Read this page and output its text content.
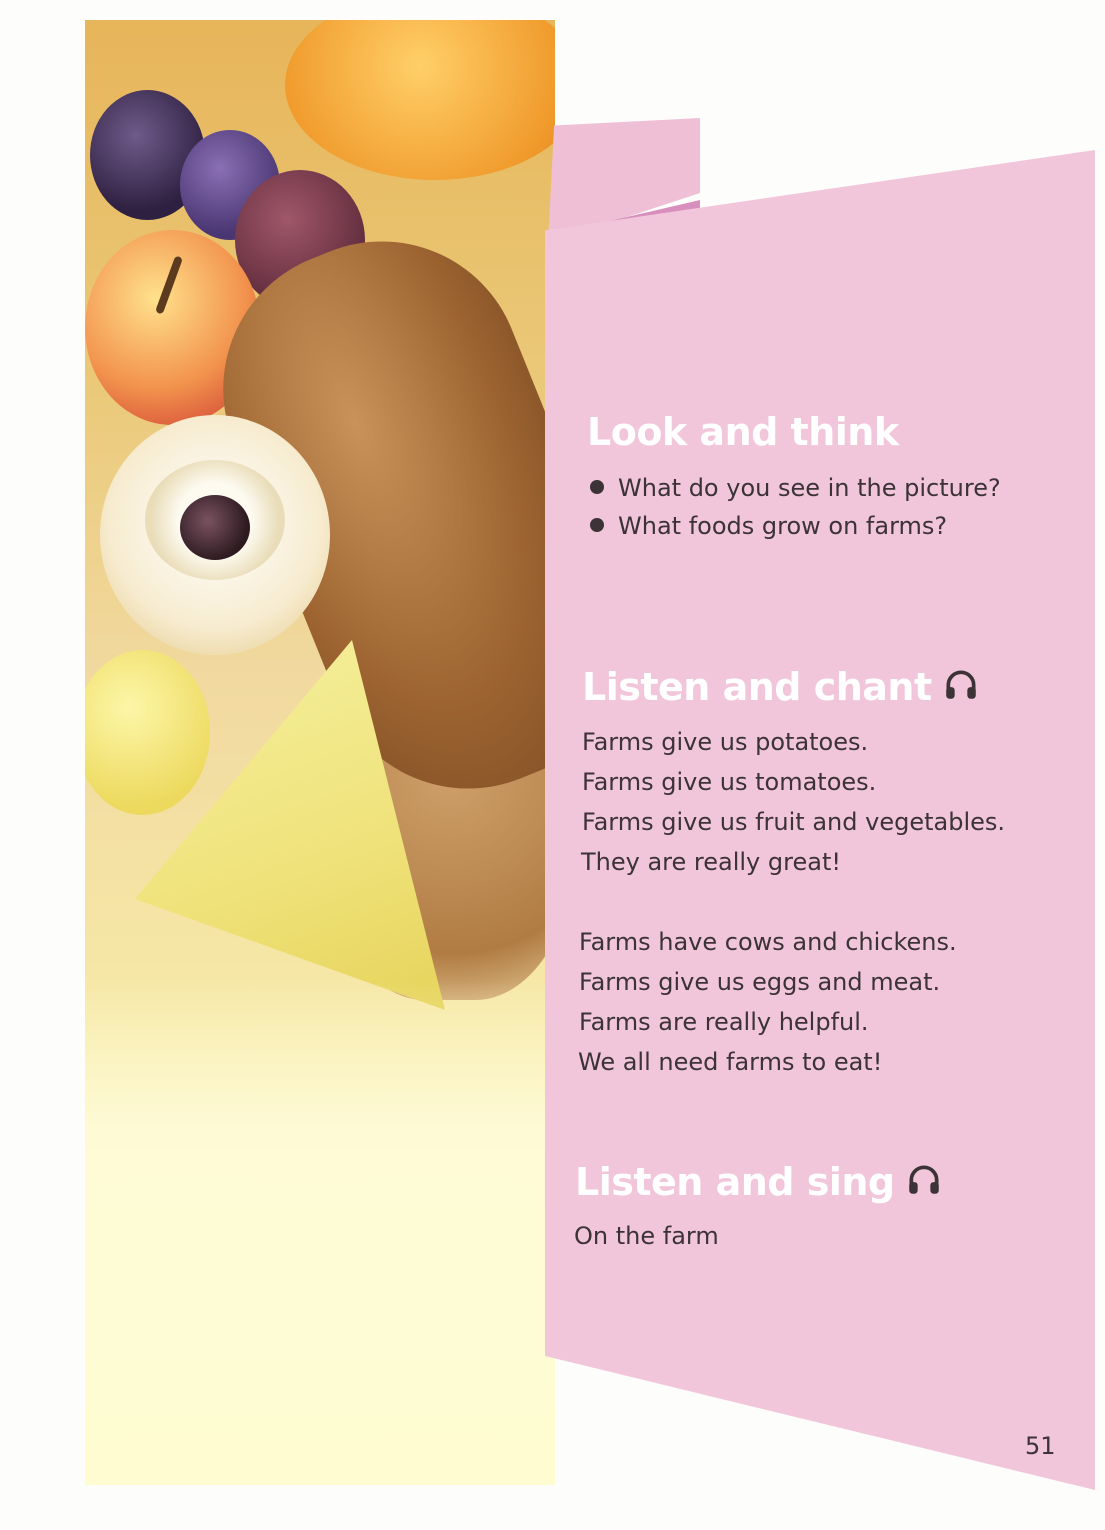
Look and think

What do you see in the picture?

What foods grow on farms?

Listen and chant

Farms give us potatoes.

Farms give us tomatoes.

Farms give us fruit and vegetables.

They are really great!

Farms have cows and chickens.

Farms give us eggs and meat.

Farms are really helpful.

We all need farms to eat!

Listen and sing

On the farm

51
